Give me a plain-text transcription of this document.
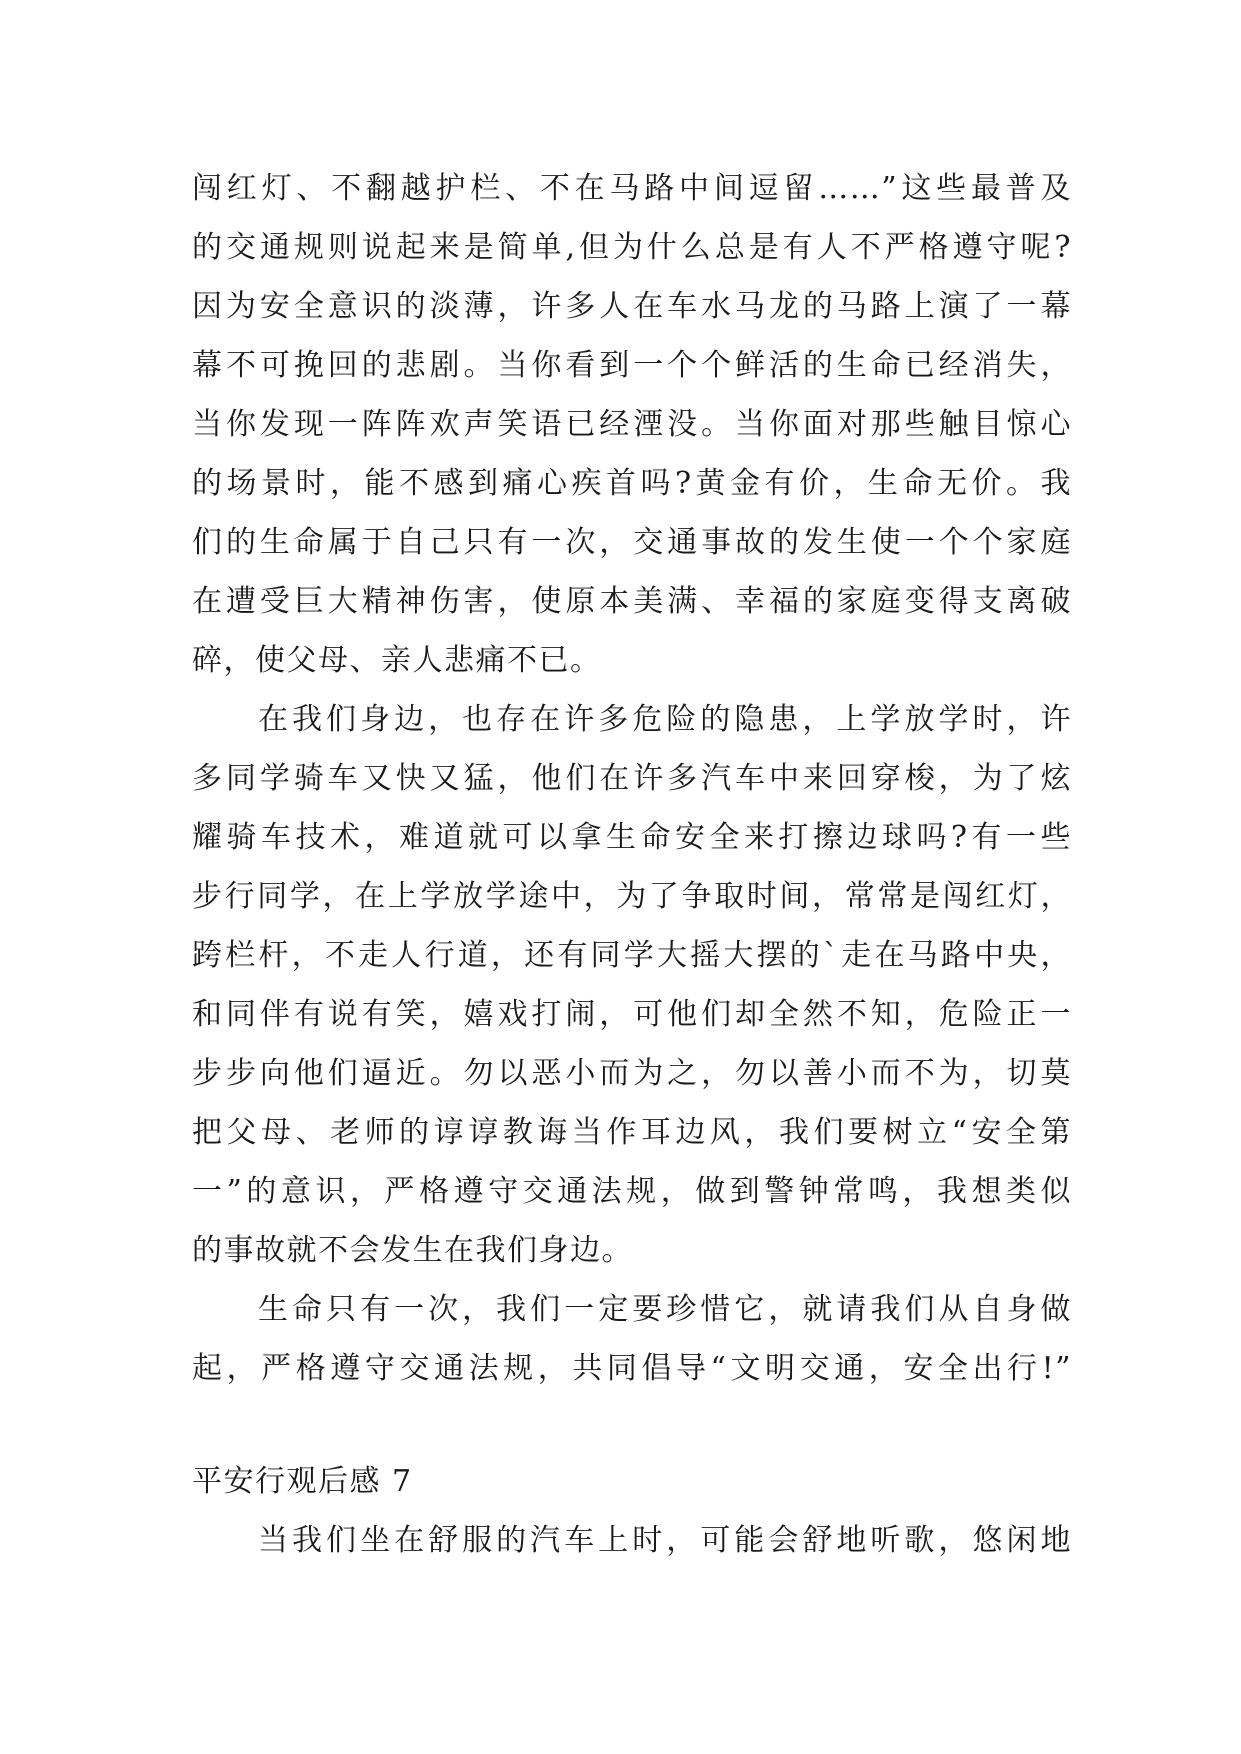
闯红灯、不翻越护栏、不在马路中间逗留……”这些最普及
的交通规则说起来是简单,但为什么总是有人不严格遵守呢?
因为安全意识的淡薄，许多人在车水马龙的马路上演了一幕
幕不可挽回的悲剧。当你看到一个个鲜活的生命已经消失，
当你发现一阵阵欢声笑语已经湮没。当你面对那些触目惊心
的场景时，能不感到痛心疾首吗?黄金有价，生命无价。我
们的生命属于自己只有一次，交通事故的发生使一个个家庭
在遭受巨大精神伤害，使原本美满、幸福的家庭变得支离破
碎，使父母、亲人悲痛不已。
在我们身边，也存在许多危险的隐患，上学放学时，许
多同学骑车又快又猛，他们在许多汽车中来回穿梭，为了炫
耀骑车技术，难道就可以拿生命安全来打擦边球吗?有一些
步行同学，在上学放学途中，为了争取时间，常常是闯红灯，
跨栏杆，不走人行道，还有同学大摇大摆的`走在马路中央，
和同伴有说有笑，嬉戏打闹，可他们却全然不知，危险正一
步步向他们逼近。勿以恶小而为之，勿以善小而不为，切莫
把父母、老师的谆谆教诲当作耳边风，我们要树立“安全第
一”的意识，严格遵守交通法规，做到警钟常鸣，我想类似
的事故就不会发生在我们身边。
生命只有一次，我们一定要珍惜它，就请我们从自身做
起，严格遵守交通法规，共同倡导“文明交通，安全出行!”
平安行观后感 7
当我们坐在舒服的汽车上时，可能会舒地听歌，悠闲地
